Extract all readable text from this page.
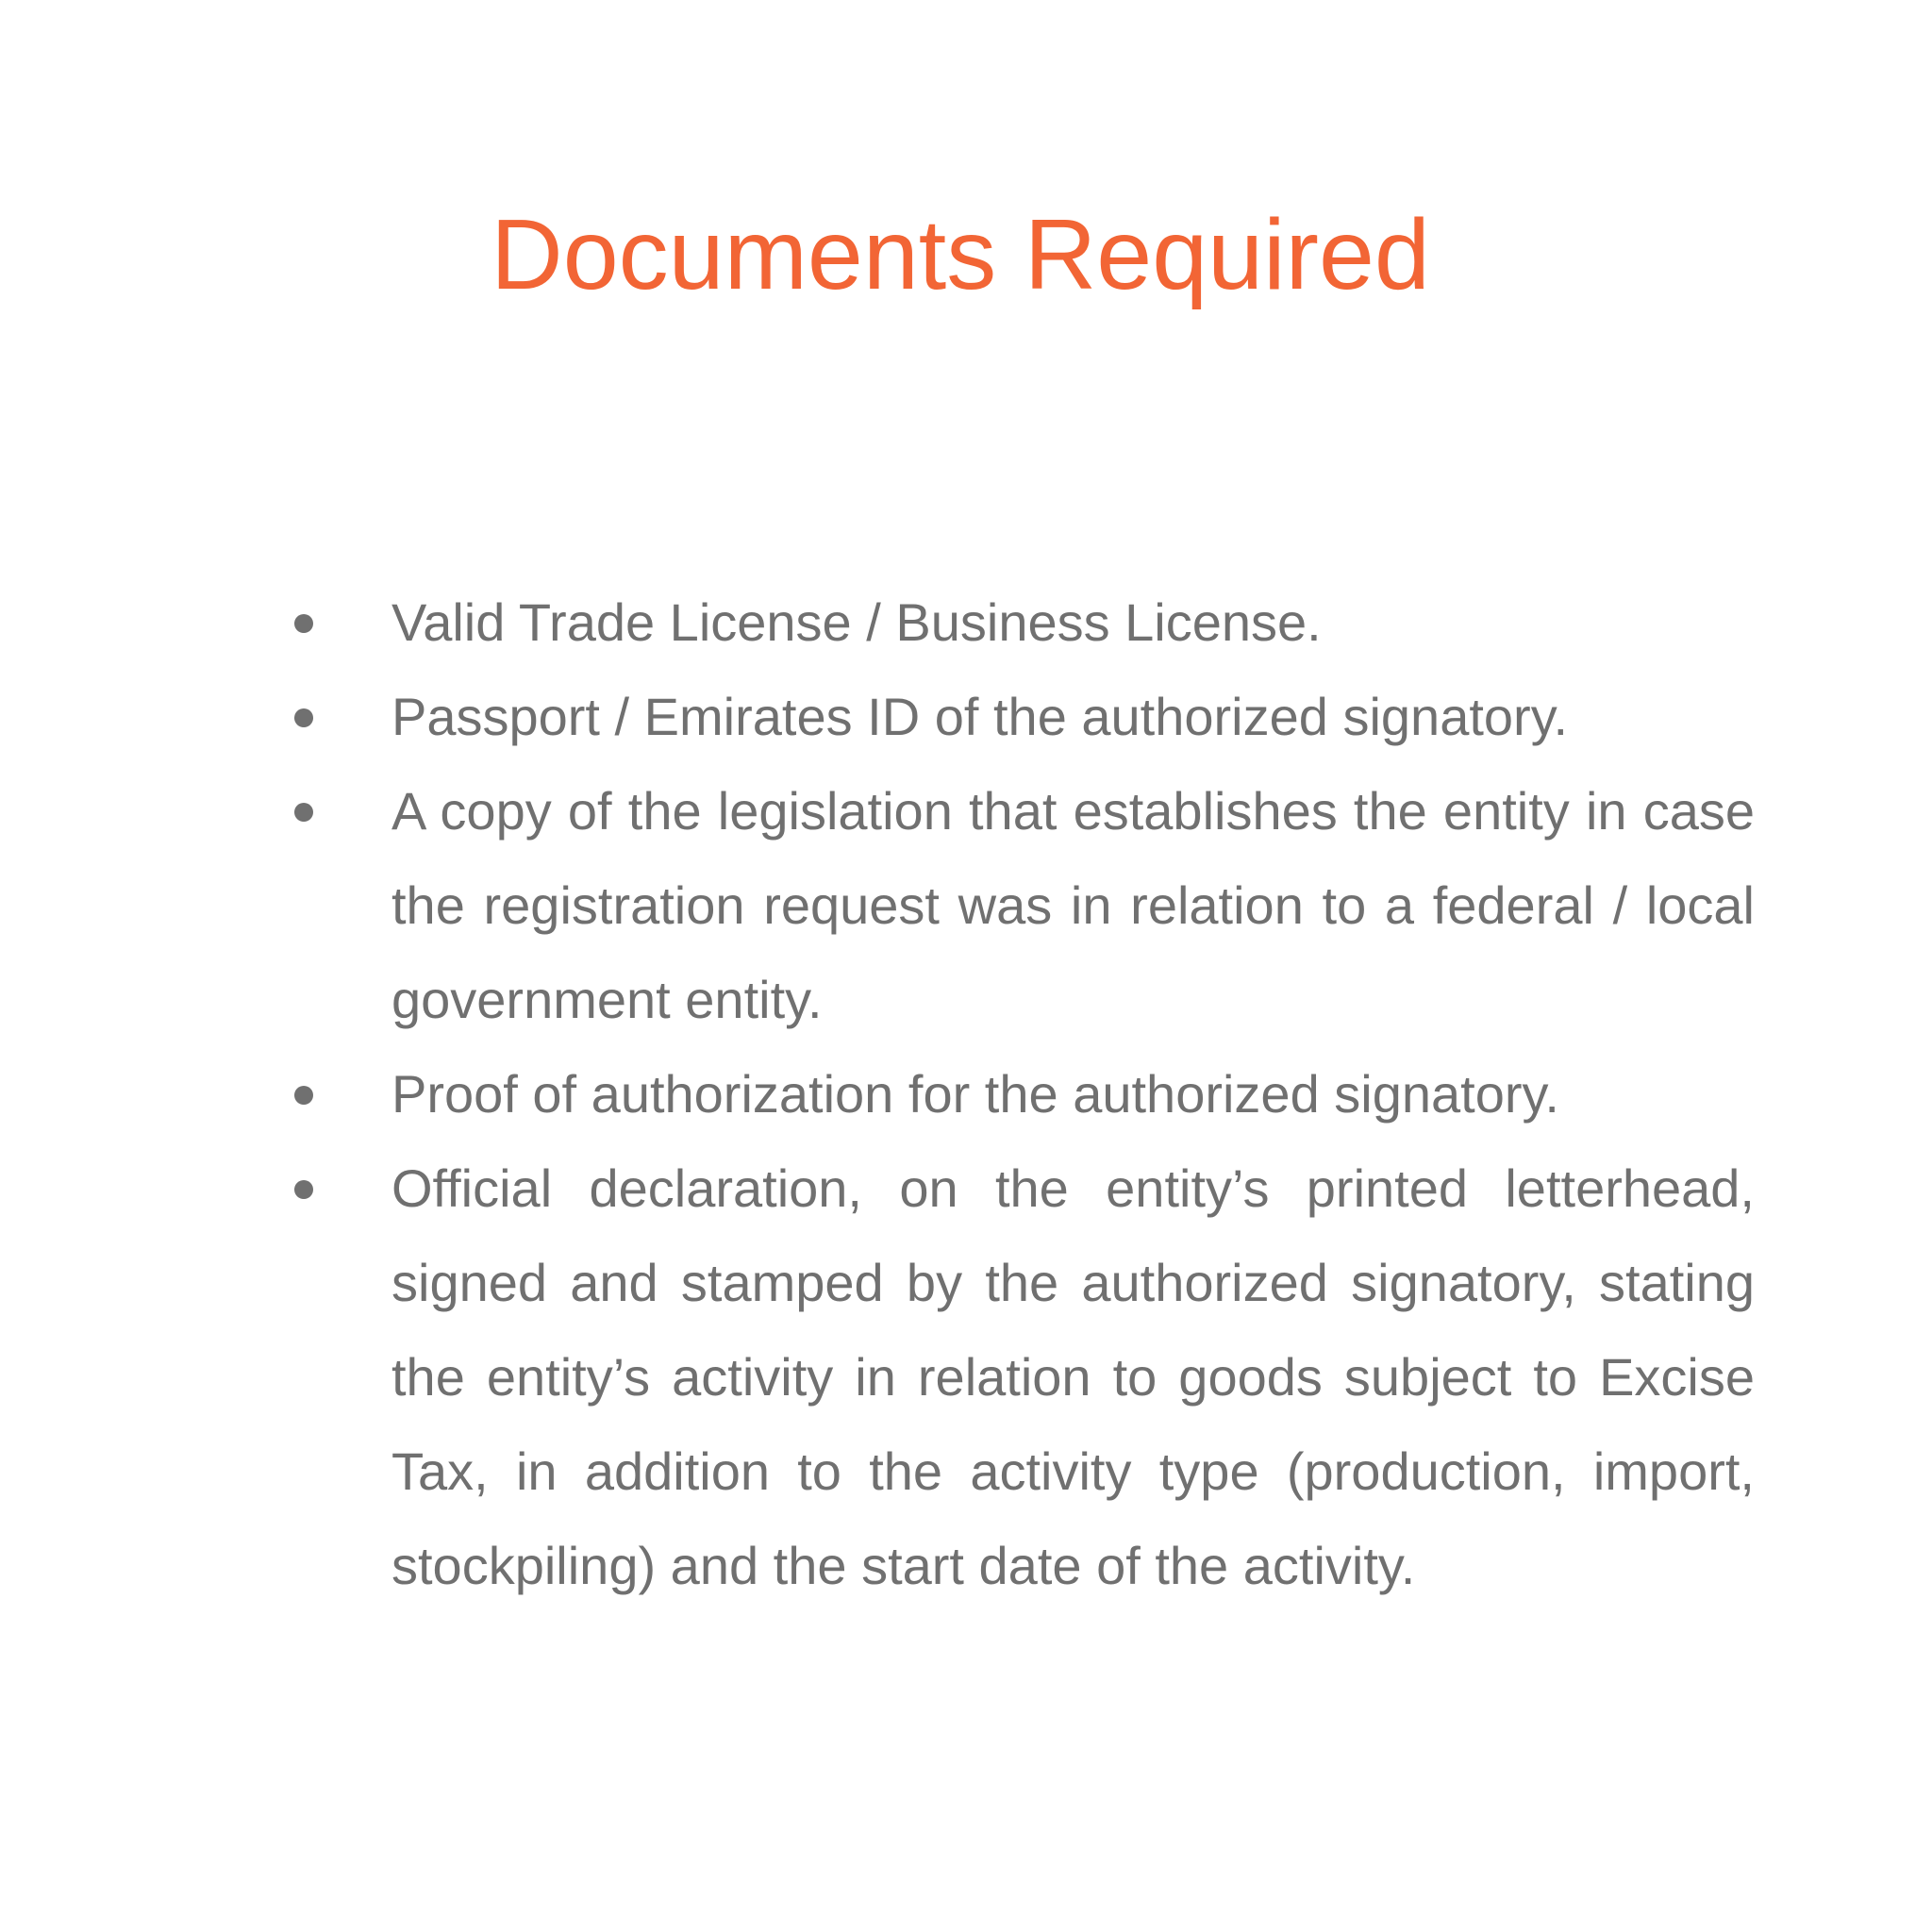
Documents Required
Valid Trade License / Business License.
Passport / Emirates ID of the authorized signatory.
A copy of the legislation that establishes the entity in case the registration request was in relation to a federal / local government entity.
Proof of authorization for the authorized signatory.
Official declaration, on the entity’s printed letterhead, signed and stamped by the authorized signatory, stating the entity’s activity in relation to goods subject to Excise Tax, in addition to the activity type (production, import, stockpiling) and the start date of the activity.
